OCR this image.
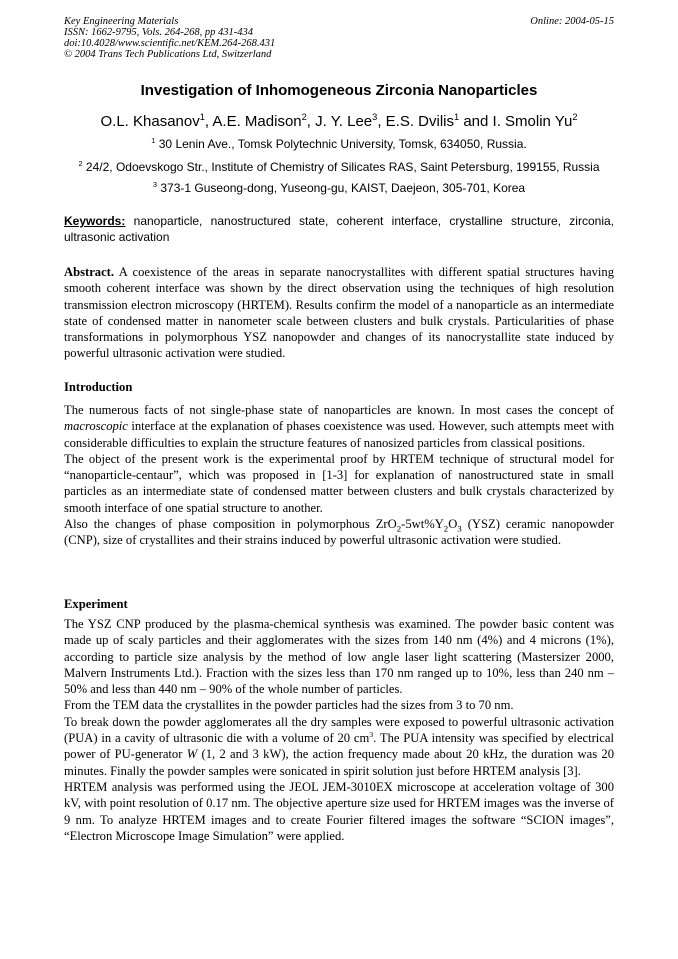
Key Engineering Materials
ISSN: 1662-9795, Vols. 264-268, pp 431-434
doi:10.4028/www.scientific.net/KEM.264-268.431
© 2004 Trans Tech Publications Ltd, Switzerland
Online: 2004-05-15
Investigation of Inhomogeneous Zirconia Nanoparticles
O.L. Khasanov$^1$, A.E. Madison$^2$, J. Y. Lee$^3$, E.S. Dvilis$^1$ and I. Smolin Yu$^2$
$^1$ 30 Lenin Ave., Tomsk Polytechnic University, Tomsk, 634050, Russia.
$^2$ 24/2, Odoevskogo Str., Institute of Chemistry of Silicates RAS, Saint Petersburg, 199155, Russia
$^3$ 373-1 Guseong-dong, Yuseong-gu, KAIST, Daejeon, 305-701, Korea
Keywords: nanoparticle, nanostructured state, coherent interface, crystalline structure, zirconia, ultrasonic activation

Abstract. A coexistence of the areas in separate nanocrystallites with different spatial structures having smooth coherent interface was shown by the direct observation using the techniques of high resolution transmission electron microscopy (HRTEM). Results confirm the model of a nanoparticle as an intermediate state of condensed matter in nanometer scale between clusters and bulk crystals. Particularities of phase transformations in polymorphous YSZ nanopowder and changes of its nanocrystallite state induced by powerful ultrasonic activation were studied.

Introduction

The numerous facts of not single-phase state of nanoparticles are known. In most cases the concept of macroscopic interface at the explanation of phases coexistence was used. However, such attempts meet with considerable difficulties to explain the structure features of nanosized particles from classical positions.

The object of the present work is the experimental proof by HRTEM technique of structural model for “nanoparticle-centaur”, which was proposed in [1-3] for explanation of nanostructured state in small particles as an intermediate state of condensed matter between clusters and bulk crystals characterized by smooth interface of one spatial structure to another.

Also the changes of phase composition in polymorphous $ZrO_2-5wt\%Y_2O_3$ (YSZ) ceramic nanopowder (CNP), size of crystallites and their strains induced by powerful ultrasonic activation were studied.

Experiment

The YSZ CNP produced by the plasma-chemical synthesis was examined. The powder basic content was made up of scaly particles and their agglomerates with the sizes from 140 nm (4%) and 4 microns (1%), according to particle size analysis by the method of low angle laser light scattering (Mastersizer 2000, Malvern Instruments Ltd.). Fraction with the sizes less than 170 nm ranged up to 10%, less than 240 nm – 50% and less than 440 nm – 90% of the whole number of particles.

From the TEM data the crystallites in the powder particles had the sizes from 3 to 70 nm.

To break down the powder agglomerates all the dry samples were exposed to powerful ultrasonic activation (PUA) in a cavity of ultrasonic die with a volume of 20 $cm^3$. The PUA intensity was specified by electrical power of PU-generator W (1, 2 and 3 kW), the action frequency made about 20 kHz, the duration was 20 minutes. Finally the powder samples were sonicated in spirit solution just before HRTEM analysis [3].

HRTEM analysis was performed using the JEOL JEM-3010EX microscope at acceleration voltage of 300 kV, with point resolution of 0.17 nm. The objective aperture size used for HRTEM images was the inverse of 9 nm. To analyze HRTEM images and to create Fourier filtered images the software “SCION images”, “Electron Microscope Image Simulation” were applied.
